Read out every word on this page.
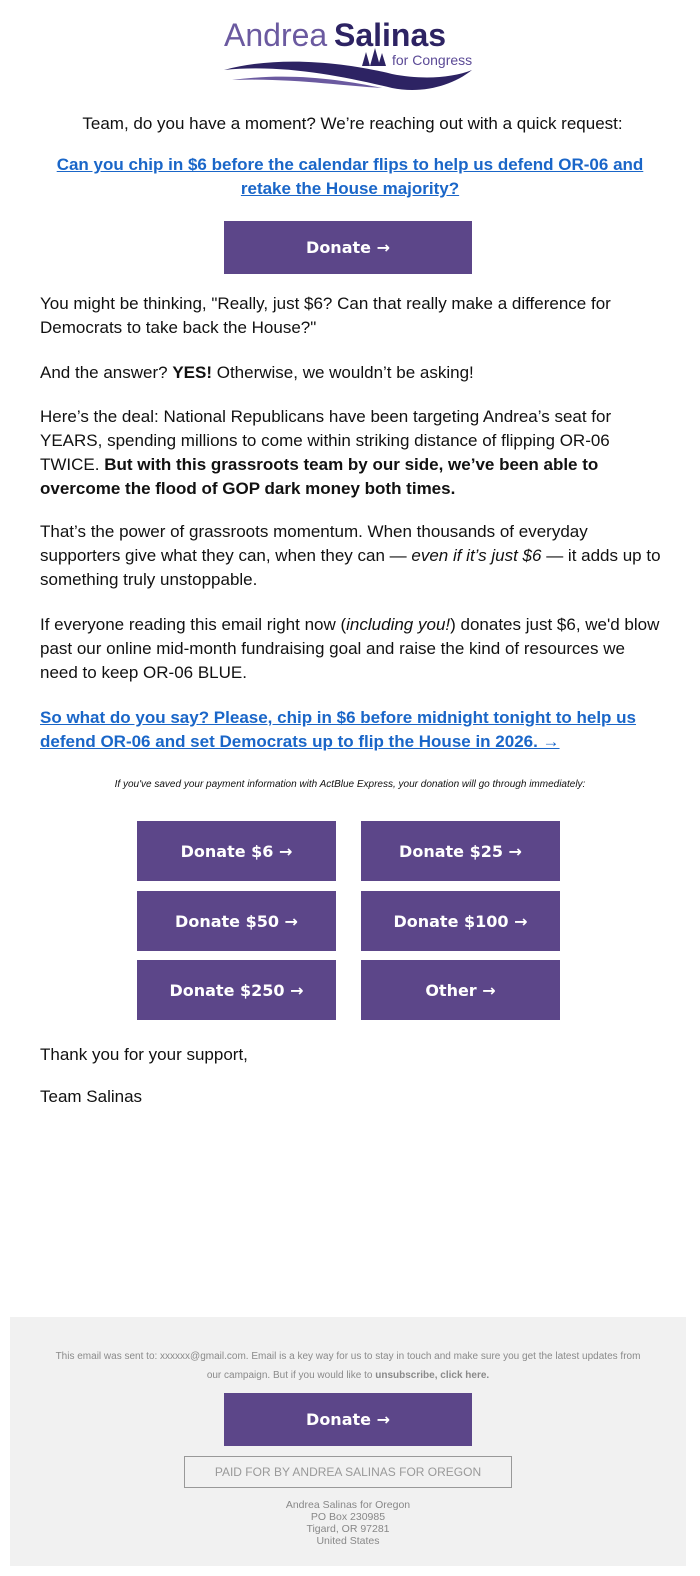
Andrea Salinas
for Congress
Team, do you have a moment? We’re reaching out with a quick request:
Can you chip in $6 before the calendar flips to help us defend OR-06 and retake the House majority?
Donate →
You might be thinking, "Really, just $6? Can that really make a difference for Democrats to take back the House?"
And the answer? YES! Otherwise, we wouldn’t be asking!
Here’s the deal: National Republicans have been targeting Andrea’s seat for YEARS, spending millions to come within striking distance of flipping OR-06 TWICE. But with this grassroots team by our side, we’ve been able to overcome the flood of GOP dark money both times.
That’s the power of grassroots momentum. When thousands of everyday supporters give what they can, when they can — even if it’s just $6 — it adds up to something truly unstoppable.
If everyone reading this email right now (including you!) donates just $6, we'd blow past our online mid-month fundraising goal and raise the kind of resources we need to keep OR-06 BLUE.
So what do you say? Please, chip in $6 before midnight tonight to help us defend OR-06 and set Democrats up to flip the House in 2026. →
If you've saved your payment information with ActBlue Express, your donation will go through immediately:
Donate $6 →	Donate $25 →
Donate $50 →	Donate $100 →
Donate $250 →	Other →
Thank you for your support,
Team Salinas
This email was sent to: xxxxxx@gmail.com. Email is a key way for us to stay in touch and make sure you get the latest updates from our campaign. But if you would like to unsubscribe, click here.
Donate →
PAID FOR BY ANDREA SALINAS FOR OREGON
Andrea Salinas for Oregon
PO Box 230985
Tigard, OR 97281
United States
